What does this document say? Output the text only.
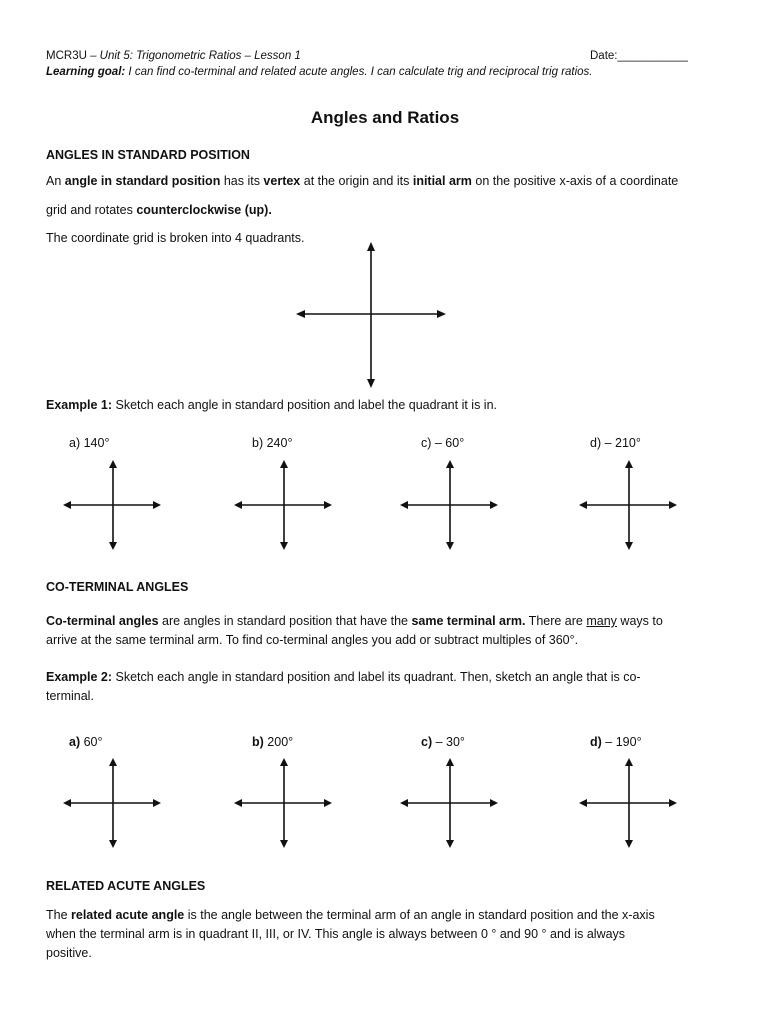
MCR3U – Unit 5: Trigonometric Ratios – Lesson 1	Date:___________
Learning goal: I can find co-terminal and related acute angles. I can calculate trig and reciprocal trig ratios.
Angles and Ratios
ANGLES IN STANDARD POSITION
An angle in standard position has its vertex at the origin and its initial arm on the positive x-axis of a coordinate
grid and rotates counterclockwise (up).
The coordinate grid is broken into 4 quadrants.
Example 1: Sketch each angle in standard position and label the quadrant it is in.
a) 140°	b) 240°	c) – 60°	d) – 210°
CO-TERMINAL ANGLES
Co-terminal angles are angles in standard position that have the same terminal arm. There are many ways to
arrive at the same terminal arm. To find co-terminal angles you add or subtract multiples of 360°.
Example 2: Sketch each angle in standard position and label its quadrant. Then, sketch an angle that is co-
terminal.
a) 60°	b) 200°	c) – 30°	d) – 190°
RELATED ACUTE ANGLES
The related acute angle is the angle between the terminal arm of an angle in standard position and the x-axis
when the terminal arm is in quadrant II, III, or IV. This angle is always between 0 ° and 90 ° and is always
positive.
